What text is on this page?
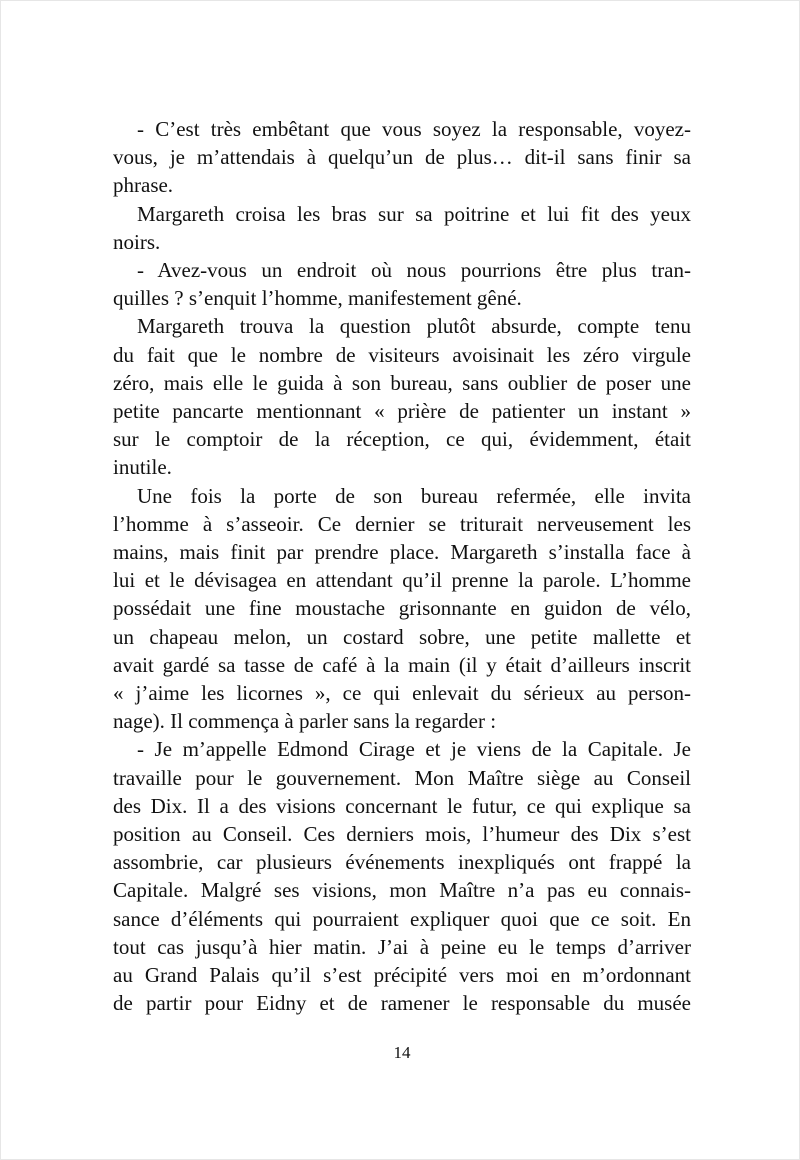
- C’est très embêtant que vous soyez la responsable, voyez-
vous, je m’attendais à quelqu’un de plus… dit-il sans finir sa
phrase.
Margareth croisa les bras sur sa poitrine et lui fit des yeux
noirs.
- Avez-vous un endroit où nous pourrions être plus tran-
quilles ? s’enquit l’homme, manifestement gêné.
Margareth trouva la question plutôt absurde, compte tenu
du fait que le nombre de visiteurs avoisinait les zéro virgule
zéro, mais elle le guida à son bureau, sans oublier de poser une
petite pancarte mentionnant « prière de patienter un instant »
sur le comptoir de la réception, ce qui, évidemment, était
inutile.
Une fois la porte de son bureau refermée, elle invita
l’homme à s’asseoir. Ce dernier se triturait nerveusement les
mains, mais finit par prendre place. Margareth s’installa face à
lui et le dévisagea en attendant qu’il prenne la parole. L’homme
possédait une fine moustache grisonnante en guidon de vélo,
un chapeau melon, un costard sobre, une petite mallette et
avait gardé sa tasse de café à la main (il y était d’ailleurs inscrit
« j’aime les licornes », ce qui enlevait du sérieux au person-
nage). Il commença à parler sans la regarder :
- Je m’appelle Edmond Cirage et je viens de la Capitale. Je
travaille pour le gouvernement. Mon Maître siège au Conseil
des Dix. Il a des visions concernant le futur, ce qui explique sa
position au Conseil. Ces derniers mois, l’humeur des Dix s’est
assombrie, car plusieurs événements inexpliqués ont frappé la
Capitale. Malgré ses visions, mon Maître n’a pas eu connais-
sance d’éléments qui pourraient expliquer quoi que ce soit. En
tout cas jusqu’à hier matin. J’ai à peine eu le temps d’arriver
au Grand Palais qu’il s’est précipité vers moi en m’ordonnant
de partir pour Eidny et de ramener le responsable du musée
14
